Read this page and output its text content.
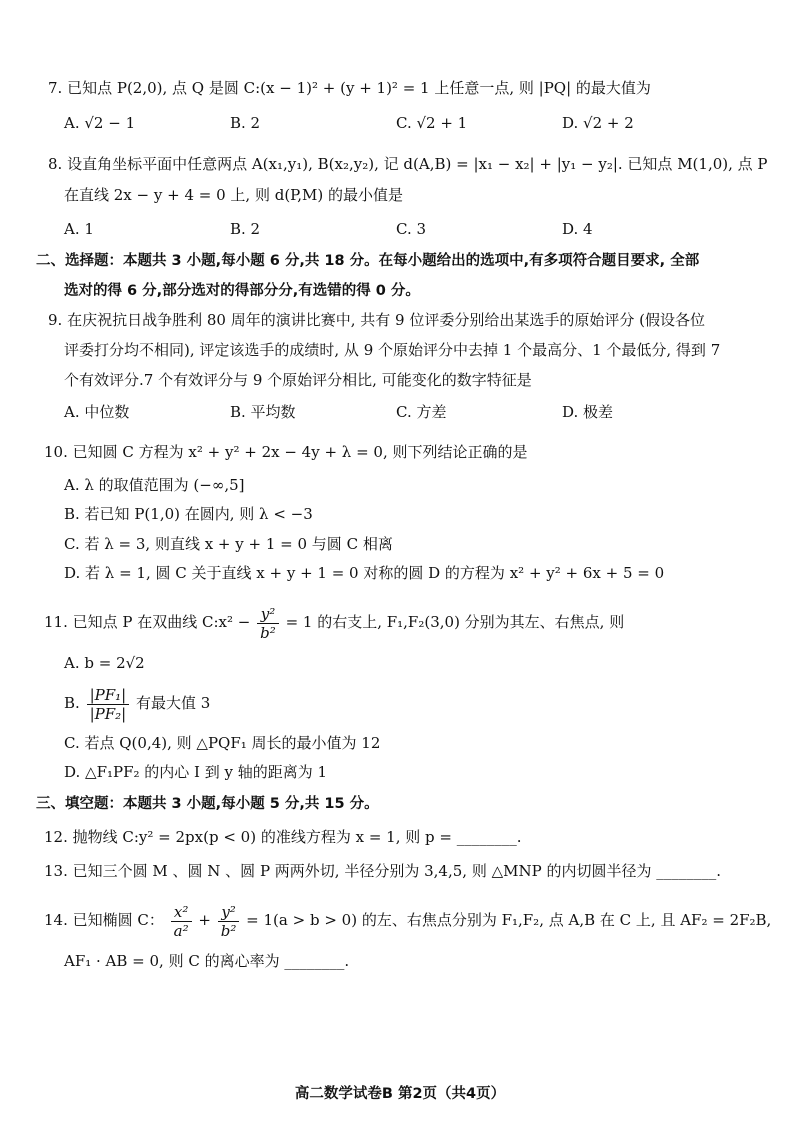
7. 已知点 P(2,0), 点 Q 是圆 C:(x − 1)² + (y + 1)² = 1 上任意一点, 则 |PQ| 的最大值为
A. √2 − 1	B. 2	C. √2 + 1	D. √2 + 2
8. 设直角坐标平面中任意两点 A(x₁,y₁), B(x₂,y₂), 记 d(A,B) = |x₁ − x₂| + |y₁ − y₂|. 已知点 M(1,0), 点 P
在直线 2x − y + 4 = 0 上, 则 d(P,M) 的最小值是
A. 1	B. 2	C. 3	D. 4
二、选择题：本题共 3 小题,每小题 6 分,共 18 分。在每小题给出的选项中,有多项符合题目要求, 全部
选对的得 6 分,部分选对的得部分分,有选错的得 0 分。
9. 在庆祝抗日战争胜利 80 周年的演讲比赛中, 共有 9 位评委分别给出某选手的原始评分 (假设各位
评委打分均不相同), 评定该选手的成绩时, 从 9 个原始评分中去掉 1 个最高分、1 个最低分, 得到 7
个有效评分.7 个有效评分与 9 个原始评分相比, 可能变化的数字特征是
A. 中位数	B. 平均数	C. 方差	D. 极差
10. 已知圆 C 方程为 x² + y² + 2x − 4y + λ = 0, 则下列结论正确的是
A. λ 的取值范围为 (−∞,5]
B. 若已知 P(1,0) 在圆内, 则 λ < −3
C. 若 λ = 3, 则直线 x + y + 1 = 0 与圆 C 相离
D. 若 λ = 1, 圆 C 关于直线 x + y + 1 = 0 对称的圆 D 的方程为 x² + y² + 6x + 5 = 0
11. 已知点 P 在双曲线 C:x² − $\frac{\text{y²}}{\text{b²}} = 1$ 的右支上, F₁,F₂(3,0) 分别为其左、右焦点, 则
A. b = 2√2
B. $\frac{\text{|PF₁|}}{\text{|PF₂|}}$ 有最大值 3
C. 若点 Q(0,4), 则 △PQF₁ 周长的最小值为 12
D. △F₁PF₂ 的内心 I 到 y 轴的距离为 1
三、填空题：本题共 3 小题,每小题 5 分,共 15 分。
12. 抛物线 C:y² = 2px(p < 0) 的准线方程为 x = 1, 则 p = ________.
13. 已知三个圆 M 、圆 N 、圆 P 两两外切, 半径分别为 3,4,5, 则 △MNP 的内切圆半径为 ________.
14. 已知椭圆 C： $\frac{\text{x²}}{\text{a²}} + \frac{\text{y²}}{\text{b²}} = 1(a > b > 0)$ 的左、右焦点分别为 F₁,F₂, 点 A,B 在 C 上, 且 AF₂ = 2F₂B,
AF₁ · AB = 0, 则 C 的离心率为 ________.
高二数学试卷B 第2页（共4页）
